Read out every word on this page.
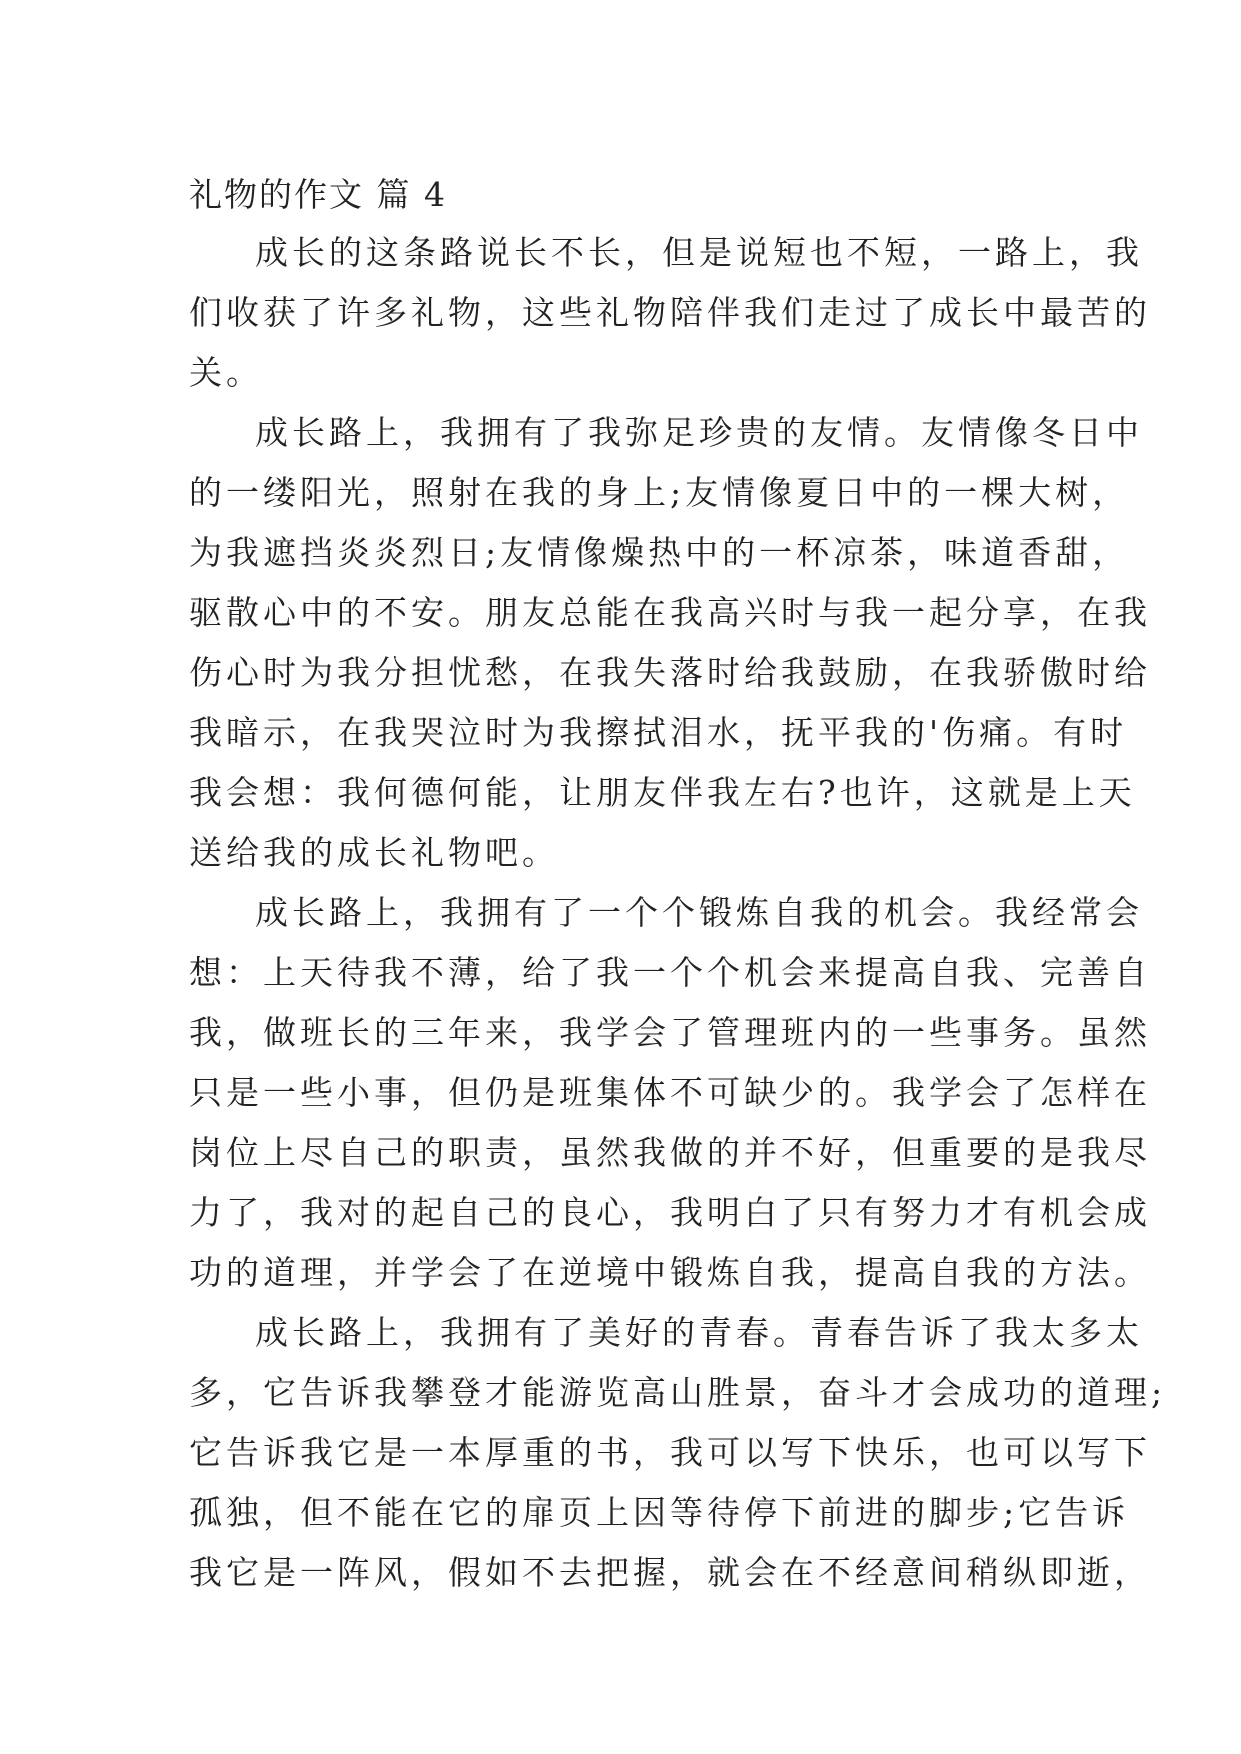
礼物的作文 篇 4
成长的这条路说长不长，但是说短也不短，一路上，我
们收获了许多礼物，这些礼物陪伴我们走过了成长中最苦的
关。
成长路上，我拥有了我弥足珍贵的友情。友情像冬日中
的一缕阳光，照射在我的身上;友情像夏日中的一棵大树，
为我遮挡炎炎烈日;友情像燥热中的一杯凉茶，味道香甜，
驱散心中的不安。朋友总能在我高兴时与我一起分享，在我
伤心时为我分担忧愁，在我失落时给我鼓励，在我骄傲时给
我暗示，在我哭泣时为我擦拭泪水，抚平我的'伤痛。有时
我会想：我何德何能，让朋友伴我左右?也许，这就是上天
送给我的成长礼物吧。
成长路上，我拥有了一个个锻炼自我的机会。我经常会
想：上天待我不薄，给了我一个个机会来提高自我、完善自
我，做班长的三年来，我学会了管理班内的一些事务。虽然
只是一些小事，但仍是班集体不可缺少的。我学会了怎样在
岗位上尽自己的职责，虽然我做的并不好，但重要的是我尽
力了，我对的起自己的良心，我明白了只有努力才有机会成
功的道理，并学会了在逆境中锻炼自我，提高自我的方法。
成长路上，我拥有了美好的青春。青春告诉了我太多太
多，它告诉我攀登才能游览高山胜景，奋斗才会成功的道理;
它告诉我它是一本厚重的书，我可以写下快乐，也可以写下
孤独，但不能在它的扉页上因等待停下前进的脚步;它告诉
我它是一阵风，假如不去把握，就会在不经意间稍纵即逝，
